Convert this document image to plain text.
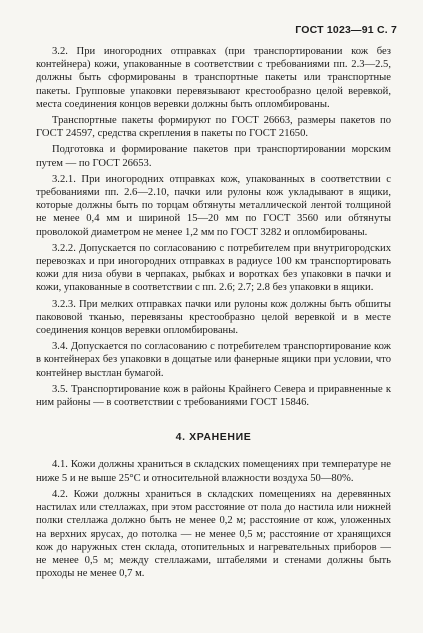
ГОСТ 1023—91 С. 7

3.2. При иногородних отправках (при транспортировании кож без контейнера) кожи, упакованные в соответствии с требованиями пп. 2.3—2.5, должны быть сформированы в транспортные пакеты или транспортные пакеты. Групповые упаковки перевязывают крестообразно целой веревкой, места соединения концов веревки должны быть опломбированы.

Транспортные пакеты формируют по ГОСТ 26663, размеры пакетов по ГОСТ 24597, средства скрепления в пакеты по ГОСТ 21650.

Подготовка и формирование пакетов при транспортировании морским путем — по ГОСТ 26653.

3.2.1. При иногородних отправках кож, упакованных в соответствии с требованиями пп. 2.6—2.10, пачки или рулоны кож укладывают в ящики, которые должны быть по торцам обтянуты металлической лентой толщиной не менее 0,4 мм и шириной 15—20 мм по ГОСТ 3560 или обтянуты проволокой диаметром не менее 1,2 мм по ГОСТ 3282 и опломбированы.

3.2.2. Допускается по согласованию с потребителем при внутригородских перевозках и при иногородних отправках в радиусе 100 км транспортировать кожи для низа обуви в черпаках, рыбках и воротках без упаковки в пачки и кожи, упакованные в соответствии с пп. 2.6; 2.7; 2.8 без упаковки в ящики.

3.2.3. При мелких отправках пачки или рулоны кож должны быть обшиты пакововой тканью, перевязаны крестообразно целой веревкой и в месте соединения концов веревки опломбированы.

3.4. Допускается по согласованию с потребителем транспортирование кож в контейнерах без упаковки в дощатые или фанерные ящики при условии, что контейнер выстлан бумагой.

3.5. Транспортирование кож в районы Крайнего Севера и приравненные к ним районы — в соответствии с требованиями ГОСТ 15846.

4. ХРАНЕНИЕ

4.1. Кожи должны храниться в складских помещениях при температуре не ниже 5 и не выше 25°С и относительной влажности воздуха 50—80%.

4.2. Кожи должны храниться в складских помещениях на деревянных настилах или стеллажах, при этом расстояние от пола до настила или нижней полки стеллажа должно быть не менее 0,2 м; расстояние от кож, уложенных на верхних ярусах, до потолка — не менее 0,5 м; расстояние от хранящихся кож до наружных стен склада, отопительных и нагревательных приборов — не менее 0,5 м; между стеллажами, штабелями и стенами должны быть проходы не менее 0,7 м.
